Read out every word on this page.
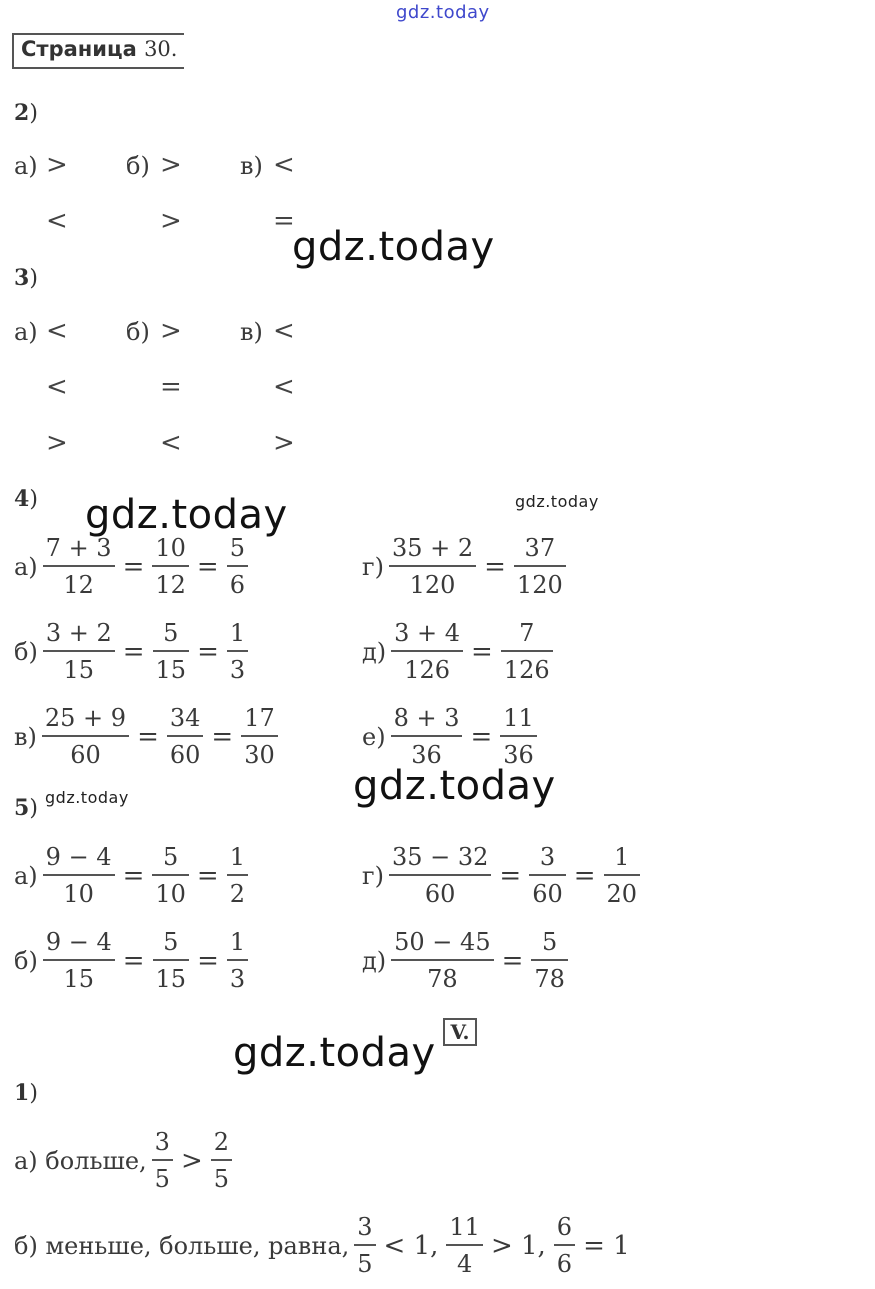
gdz.today
gdz.today
gdz.today	gdz.today
gdz.today
gdz.today
gdz.today
Страница 30.
2)
а) > б) > в) <
<	>	=
3)
а) < б) > в) <
<	=	<
>	<	>
4)
$а) \frac{7 + 3}{12} = \frac{10}{12} = \frac{5}{6}$
$б) \frac{3 + 2}{15} = \frac{5}{15} = \frac{1}{3}$
$в) \frac{25 + 9}{60} = \frac{34}{60} = \frac{17}{30}$
$г) \frac{35 + 2}{120} = \frac{37}{120}$
$д) \frac{3 + 4}{126} = \frac{7}{126}$
$е) \frac{8 + 3}{36} = \frac{11}{36}$
5)
$а) \frac{9 - 4}{10} = \frac{5}{10} = \frac{1}{2}$
$б) \frac{9 - 4}{15} = \frac{5}{15} = \frac{1}{3}$
$г) \frac{35 - 32}{60} = \frac{3}{60} = \frac{1}{20}$
$д) \frac{50 - 45}{78} = \frac{5}{78}$
V.
1)
а) больше, $\frac{3}{5} > \frac{2}{5}$
б) меньше, больше, равна, $\frac{3}{5} < 1$, $\frac{11}{4} > 1$, $\frac{6}{6} = 1$
